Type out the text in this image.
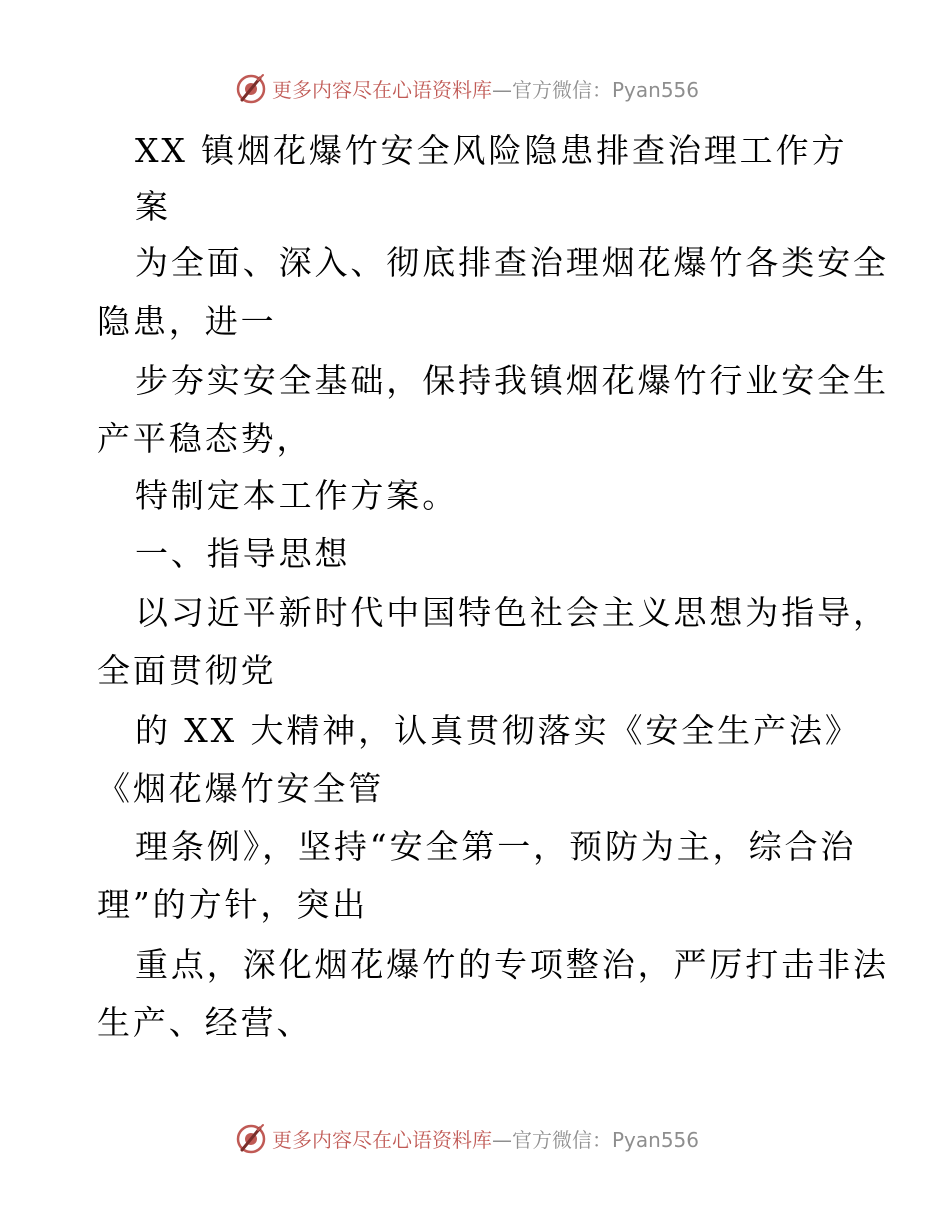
更多内容尽在心语资料库—官方微信：Pyan556

XX 镇烟花爆竹安全风险隐患排查治理工作方

案

为全面、深入、彻底排查治理烟花爆竹各类安全

隐患，进一

步夯实安全基础，保持我镇烟花爆竹行业安全生

产平稳态势，

特制定本工作方案。

一、指导思想

以习近平新时代中国特色社会主义思想为指导，

全面贯彻党

的 XX 大精神，认真贯彻落实《安全生产法》

《烟花爆竹安全管

理条例》，坚持“安全第一，预防为主，综合治

理”的方针，突出

重点，深化烟花爆竹的专项整治，严厉打击非法

生产、经营、

更多内容尽在心语资料库—官方微信：Pyan556
